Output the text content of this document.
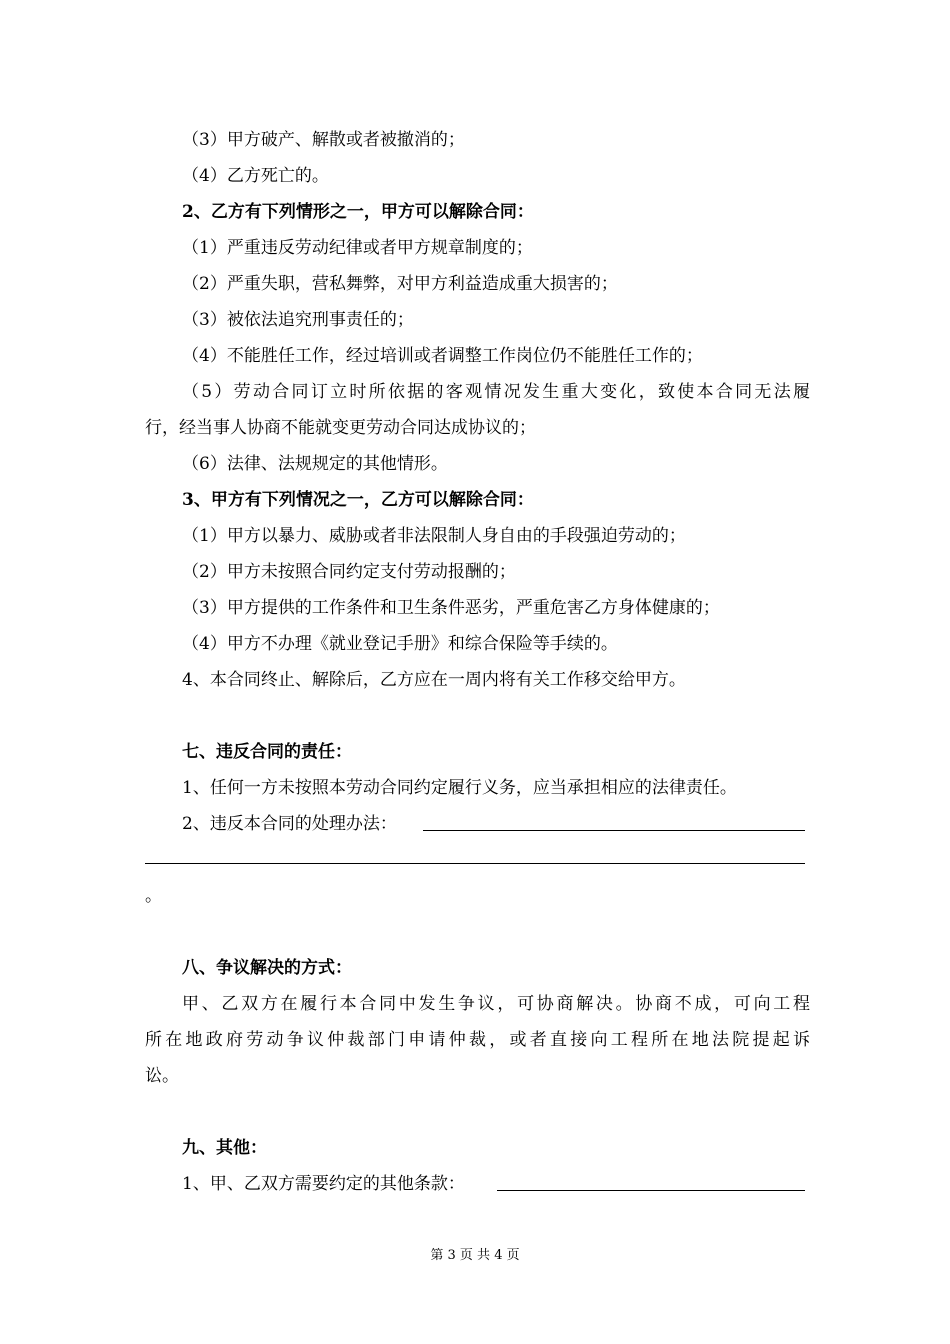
（3）甲方破产、解散或者被撤消的；
（4）乙方死亡的。
2、乙方有下列情形之一，甲方可以解除合同：
（1）严重违反劳动纪律或者甲方规章制度的；
（2）严重失职，营私舞弊，对甲方利益造成重大损害的；
（3）被依法追究刑事责任的；
（4）不能胜任工作，经过培训或者调整工作岗位仍不能胜任工作的；
（5）劳动合同订立时所依据的客观情况发生重大变化，致使本合同无法履
行，经当事人协商不能就变更劳动合同达成协议的；
（6）法律、法规规定的其他情形。
3、甲方有下列情况之一，乙方可以解除合同：
（1）甲方以暴力、威胁或者非法限制人身自由的手段强迫劳动的；
（2）甲方未按照合同约定支付劳动报酬的；
（3）甲方提供的工作条件和卫生条件恶劣，严重危害乙方身体健康的；
（4）甲方不办理《就业登记手册》和综合保险等手续的。
4、本合同终止、解除后，乙方应在一周内将有关工作移交给甲方。
七、违反合同的责任：
1、任何一方未按照本劳动合同约定履行义务，应当承担相应的法律责任。
2、违反本合同的处理办法：
。
八、争议解决的方式：
甲、乙双方在履行本合同中发生争议，可协商解决。协商不成，可向工程
所在地政府劳动争议仲裁部门申请仲裁，或者直接向工程所在地法院提起诉
讼。
九、其他：
1、甲、乙双方需要约定的其他条款：
第 3 页 共 4 页
